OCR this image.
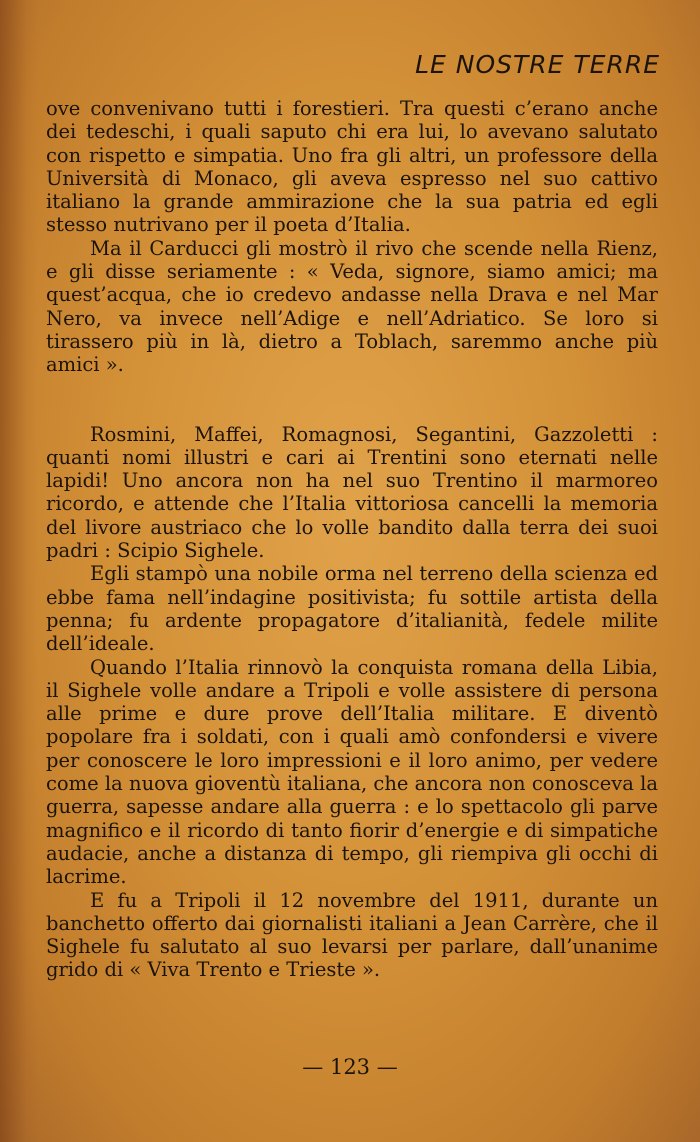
LE NOSTRE TERRE

ove convenivano tutti i forestieri. Tra questi c’erano anche dei tedeschi, i quali saputo chi era lui, lo avevano salutato con rispetto e simpatia. Uno fra gli altri, un professore della Università di Monaco, gli aveva espresso nel suo cattivo italiano la grande ammirazione che la sua patria ed egli stesso nutrivano per il poeta d’Italia.

Ma il Carducci gli mostrò il rivo che scende nella Rienz, e gli disse seriamente : « Veda, signore, siamo amici; ma quest’acqua, che io credevo andasse nella Drava e nel Mar Nero, va invece nell’Adige e nell’Adriatico. Se loro si tirassero più in là, dietro a Toblach, saremmo anche più amici ».

Rosmini, Maffei, Romagnosi, Segantini, Gazzoletti : quanti nomi illustri e cari ai Trentini sono eternati nelle lapidi! Uno ancora non ha nel suo Trentino il marmoreo ricordo, e attende che l’Italia vittoriosa cancelli la memoria del livore austriaco che lo volle bandito dalla terra dei suoi padri : Scipio Sighele.

Egli stampò una nobile orma nel terreno della scienza ed ebbe fama nell’indagine positivista; fu sottile artista della penna; fu ardente propagatore d’italianità, fedele milite dell’ideale.

Quando l’Italia rinnovò la conquista romana della Libia, il Sighele volle andare a Tripoli e volle assistere di persona alle prime e dure prove dell’Italia militare. E diventò popolare fra i soldati, con i quali amò confondersi e vivere per conoscere le loro impressioni e il loro animo, per vedere come la nuova gioventù italiana, che ancora non conosceva la guerra, sapesse andare alla guerra : e lo spettacolo gli parve magnifico e il ricordo di tanto fiorir d’energie e di simpatiche audacie, anche a distanza di tempo, gli riempiva gli occhi di lacrime.

E fu a Tripoli il 12 novembre del 1911, durante un banchetto offerto dai giornalisti italiani a Jean Carrère, che il Sighele fu salutato al suo levarsi per parlare, dall’unanime grido di « Viva Trento e Trieste ».

— 123 —
